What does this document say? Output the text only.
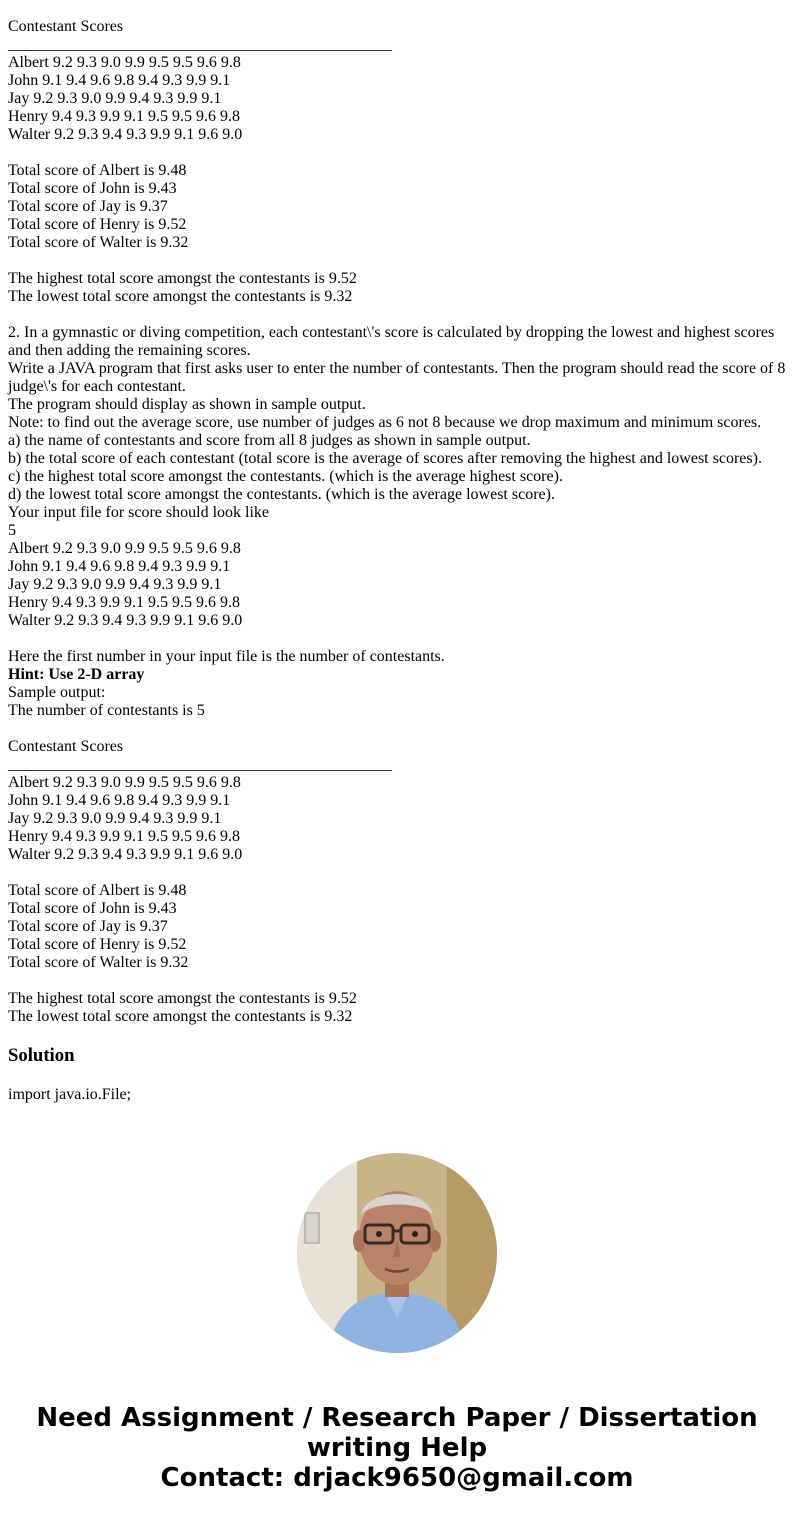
Contestant Scores
________________________________________________
Albert 9.2 9.3 9.0 9.9 9.5 9.5 9.6 9.8
John 9.1 9.4 9.6 9.8 9.4 9.3 9.9 9.1
Jay 9.2 9.3 9.0 9.9 9.4 9.3 9.9 9.1
Henry 9.4 9.3 9.9 9.1 9.5 9.5 9.6 9.8
Walter 9.2 9.3 9.4 9.3 9.9 9.1 9.6 9.0
Total score of Albert is 9.48
Total score of John is 9.43
Total score of Jay is 9.37
Total score of Henry is 9.52
Total score of Walter is 9.32
The highest total score amongst the contestants is 9.52
The lowest total score amongst the contestants is 9.32
2. In a gymnastic or diving competition, each contestant\'s score is calculated by dropping the lowest and highest scores and then adding the remaining scores.
Write a JAVA program that first asks user to enter the number of contestants. Then the program should read the score of 8 judge\'s for each contestant.
The program should display as shown in sample output.
Note: to find out the average score, use number of judges as 6 not 8 because we drop maximum and minimum scores.
a) the name of contestants and score from all 8 judges as shown in sample output.
b) the total score of each contestant (total score is the average of scores after removing the highest and lowest scores).
c) the highest total score amongst the contestants. (which is the average highest score).
d) the lowest total score amongst the contestants. (which is the average lowest score).
Your input file for score should look like
5
Albert 9.2 9.3 9.0 9.9 9.5 9.5 9.6 9.8
John 9.1 9.4 9.6 9.8 9.4 9.3 9.9 9.1
Jay 9.2 9.3 9.0 9.9 9.4 9.3 9.9 9.1
Henry 9.4 9.3 9.9 9.1 9.5 9.5 9.6 9.8
Walter 9.2 9.3 9.4 9.3 9.9 9.1 9.6 9.0
Here the first number in your input file is the number of contestants.
Hint: Use 2-D array
Sample output:
The number of contestants is 5
Contestant Scores
________________________________________________
Albert 9.2 9.3 9.0 9.9 9.5 9.5 9.6 9.8
John 9.1 9.4 9.6 9.8 9.4 9.3 9.9 9.1
Jay 9.2 9.3 9.0 9.9 9.4 9.3 9.9 9.1
Henry 9.4 9.3 9.9 9.1 9.5 9.5 9.6 9.8
Walter 9.2 9.3 9.4 9.3 9.9 9.1 9.6 9.0
Total score of Albert is 9.48
Total score of John is 9.43
Total score of Jay is 9.37
Total score of Henry is 9.52
Total score of Walter is 9.32
The highest total score amongst the contestants is 9.52
The lowest total score amongst the contestants is 9.32
Solution
import java.io.File;
Need Assignment / Research Paper / Dissertation
writing Help
Contact: drjack9650@gmail.com
